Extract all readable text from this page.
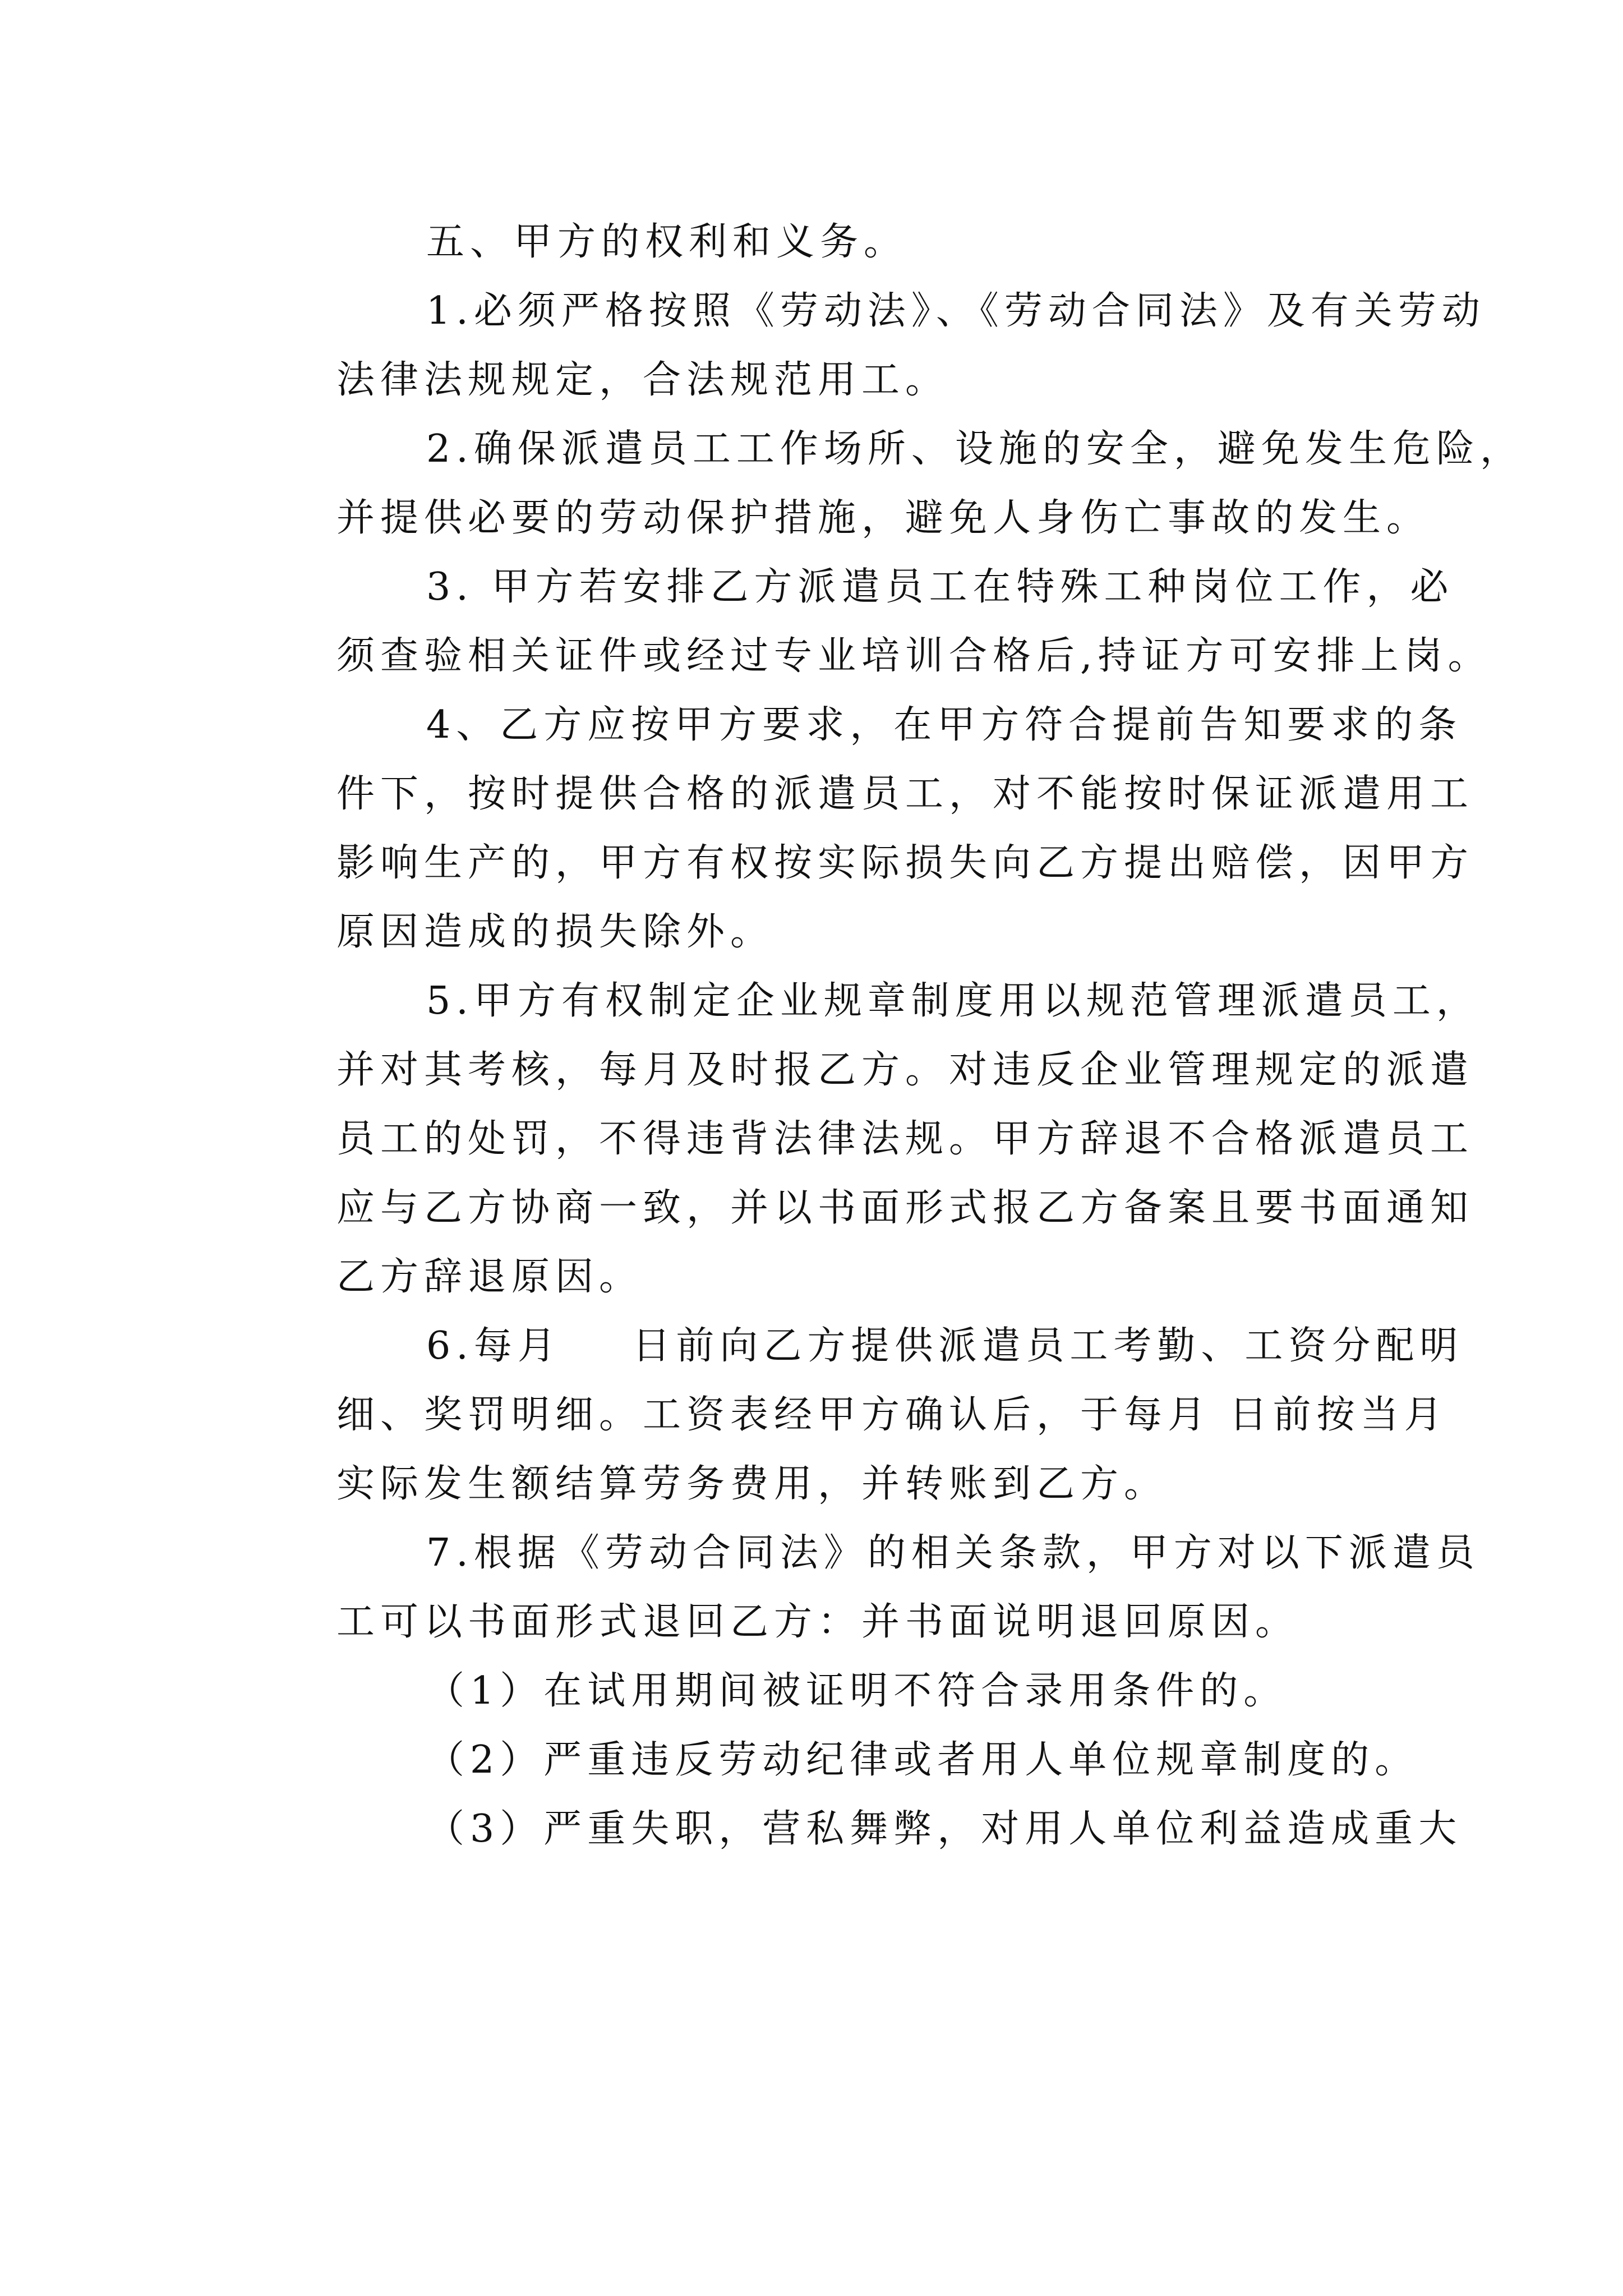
五、甲方的权利和义务。
1.必须严格按照《劳动法》、《劳动合同法》及有关劳动
法律法规规定，合法规范用工。
2.确保派遣员工工作场所、设施的安全，避免发生危险，
并提供必要的劳动保护措施，避免人身伤亡事故的发生。
3. 甲方若安排乙方派遣员工在特殊工种岗位工作，必
须查验相关证件或经过专业培训合格后,持证方可安排上岗。
4、乙方应按甲方要求，在甲方符合提前告知要求的条
件下，按时提供合格的派遣员工，对不能按时保证派遣用工
影响生产的，甲方有权按实际损失向乙方提出赔偿，因甲方
原因造成的损失除外。
5.甲方有权制定企业规章制度用以规范管理派遣员工，
并对其考核，每月及时报乙方。对违反企业管理规定的派遣
员工的处罚，不得违背法律法规。甲方辞退不合格派遣员工
应与乙方协商一致，并以书面形式报乙方备案且要书面通知
乙方辞退原因。
6.每月    日前向乙方提供派遣员工考勤、工资分配明
细、奖罚明细。工资表经甲方确认后，于每月 日前按当月
实际发生额结算劳务费用，并转账到乙方。
7.根据《劳动合同法》的相关条款，甲方对以下派遣员
工可以书面形式退回乙方：并书面说明退回原因。
（1）在试用期间被证明不符合录用条件的。
（2）严重违反劳动纪律或者用人单位规章制度的。
（3）严重失职，营私舞弊，对用人单位利益造成重大
